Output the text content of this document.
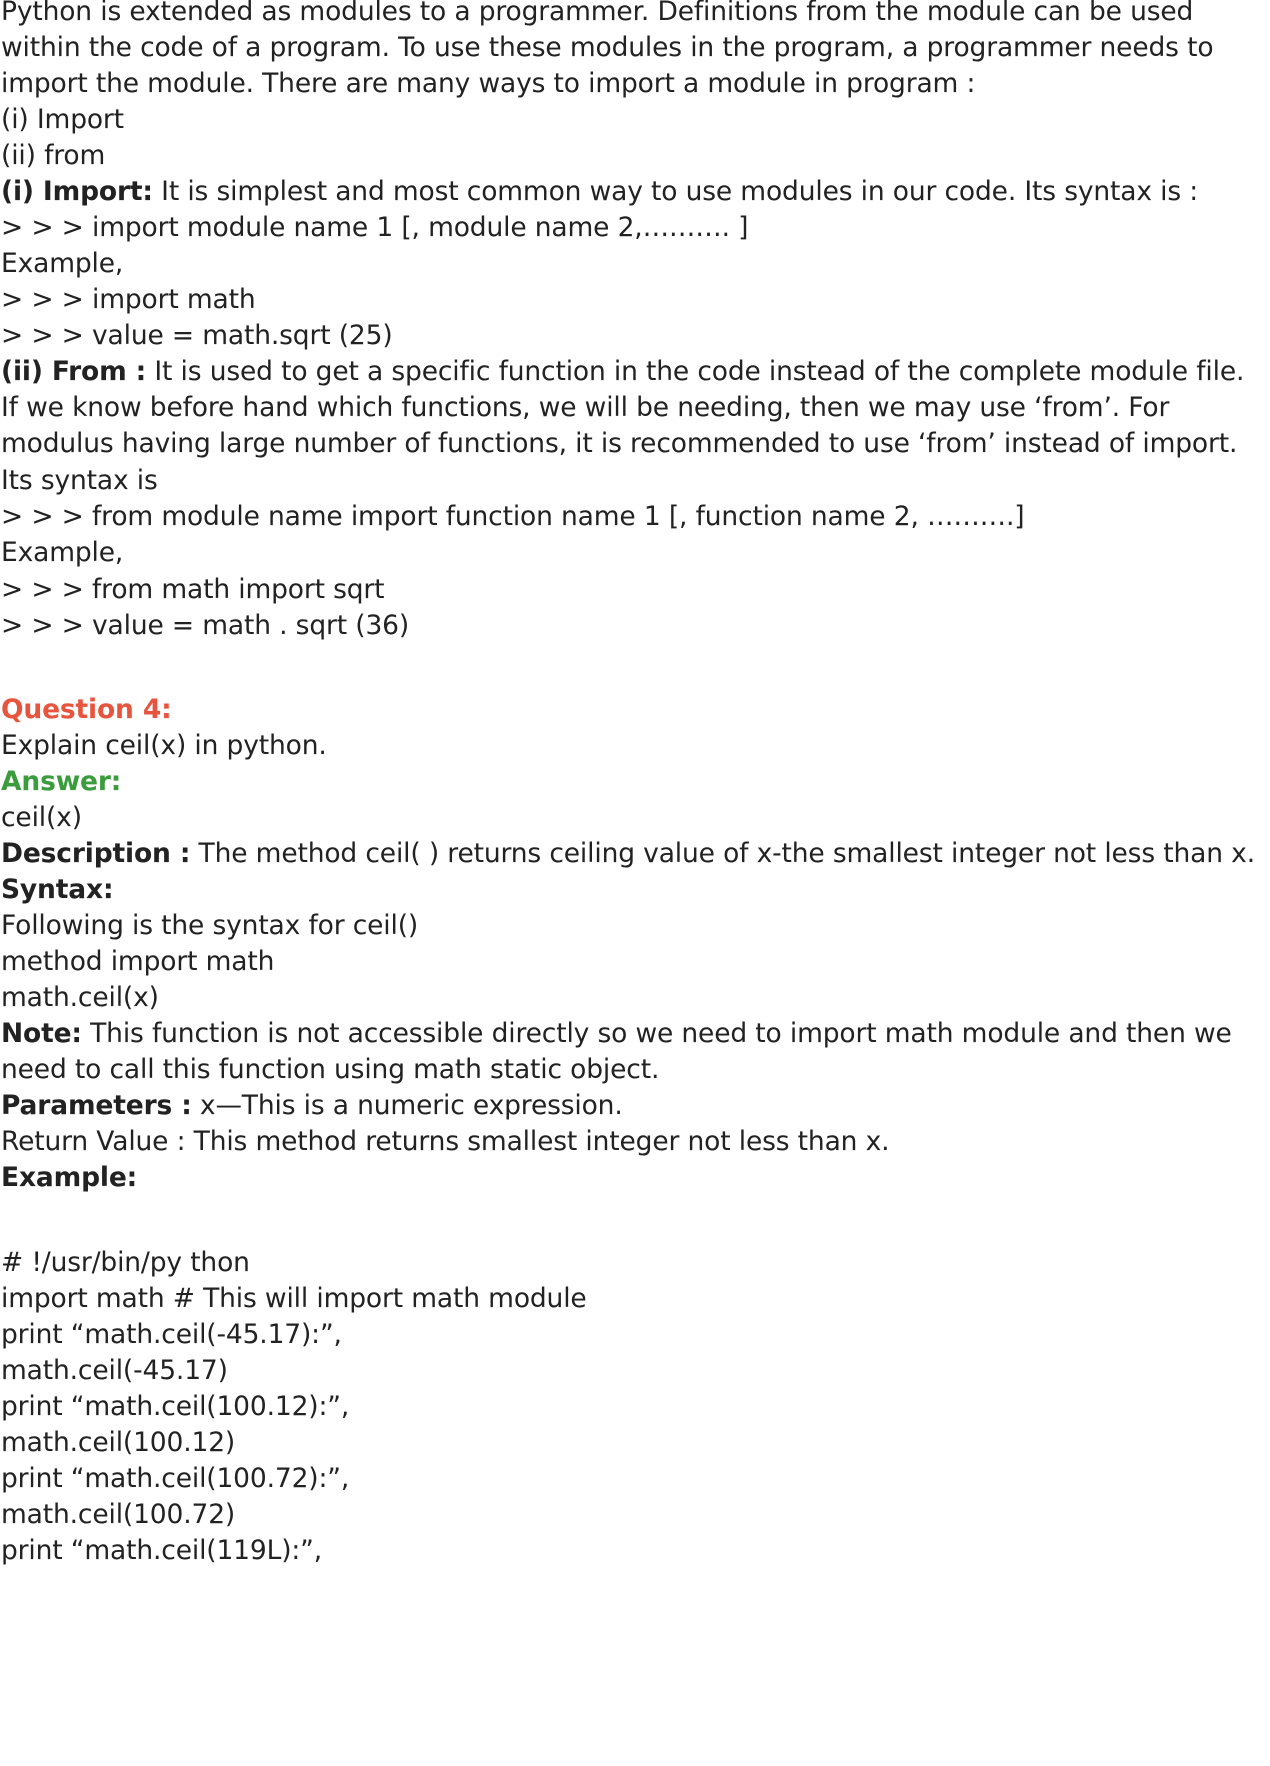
Python is extended as modules to a programmer. Definitions from the module can be used
within the code of a program. To use these modules in the program, a programmer needs to
import the module. There are many ways to import a module in program :
(i) Import
(ii) from
(i) Import: It is simplest and most common way to use modules in our code. Its syntax is :
> > > import module name 1 [, module name 2,………. ]
Example,
> > > import math
> > > value = math.sqrt (25)
(ii) From : It is used to get a specific function in the code instead of the complete module file.
If we know before hand which functions, we will be needing, then we may use ‘from’. For
modulus having large number of functions, it is recommended to use ‘from’ instead of import.
Its syntax is
> > > from module name import function name 1 [, function name 2, ……….]
Example,
> > > from math import sqrt
> > > value = math . sqrt (36)
Question 4:
Explain ceil(x) in python.
Answer:
ceil(x)
Description : The method ceil( ) returns ceiling value of x-the smallest integer not less than x.
Syntax:
Following is the syntax for ceil()
method import math
math.ceil(x)
Note: This function is not accessible directly so we need to import math module and then we
need to call this function using math static object.
Parameters : x—This is a numeric expression.
Return Value : This method returns smallest integer not less than x.
Example:
# !/usr/bin/py thon
import math # This will import math module
print “math.ceil(-45.17):”,
math.ceil(-45.17)
print “math.ceil(100.12):”,
math.ceil(100.12)
print “math.ceil(100.72):”,
math.ceil(100.72)
print “math.ceil(119L):”,
